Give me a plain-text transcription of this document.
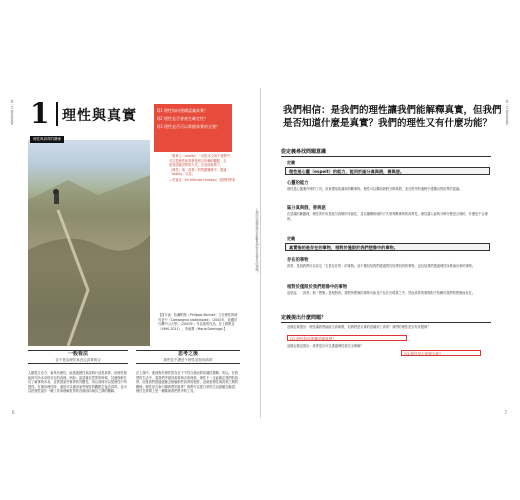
第一章 理性與真實
人類的知識理論如何影響我們對於真實性的理解？
1 理性與真實	Q1 理性如何建構認識真實？
Q2 理性是否會產生確定性？
Q3 理性是否可以掌握真實的全貌？
「事實上（reality）一詞在本文的不連貫中，
可以從理性和真實是相互依賴的觀點，去
達到認識世界的方式。在這個意義下，
（理性）與「真實」的對應關係中，透過
「reality」以及」
—史賓克（Sir Michael Faraday）英國科學家
理性與真實的關係
【西方表：哈爾帕特（Philippe Bernier）立在理性的研究室中（Campagnia statistiques）（2002年，收藏於台灣中山大學）（2002年）作為他的作品。在上路附近（1990-2011）。李淑慧（Marie Domingo）】
一般看法
並不是由理性來決定真實與否
思考之後
我們並不總是不理性認知到真實
人類從古至今，會具有理性，能透過理性來說明行爲是真實，但理性便能探究所本身的存在的真理。例如：當認識自然界的時候，其過程都在於了解事物本身，並實證某些事實的具體性，所以真理可以從理性中所獲得。在運用理性時，還是可以運用某些理性的觀點去接近真實，也可以把理性當作一種工具來理解世界的各個面向與其之間的關聯。
在上課中，進而對於理性的存在下不符合進而的常識性推斷，所以，在我們的生活中，當我們考慮到真實與否的時候，理性不一定能確定我們的真實，而是我們透過經驗去檢驗那些真實的程度，這就是理性與真實之間的關係。理性是否會引導我們到真實？我們可以從日常的生活經驗去驗證，理性在實際上是一種幫助我們思考的工具。
6
第一章 理性與真實
我們相信：是我們的理性讓我們能解釋真實，但我們是否知道什麼是真實？我們的理性又有什麼功能？
從定義尋找問題意識
定義
理性是心靈（espeit）的能力，能用於區分真與假，善與惡。
心靈的能力
理性是心靈運作時的工具，用來獲取知識和判斷事物。理性可以幫助我們分辨真假，並在思考的過程中建構出對世界的認識。
區分真與假，善與惡
在認識的範圍裡，理性的作用是區分真假的可能性，並以邏輯推理的方式來判斷事物的真實性。理性讓人能夠分辨什麼是合理的，什麼是不合理的。
定義
真實指的是存在的事物，相對於僅限於我們想像中的事物。
存在的事物
真實，是指我們可以肯定「它是存在的」的事物。這不僅包括我們透過感官所感知到的事物，也包括我們透過理性所推論出來的事物。
相對於僅限於我們想像中的事物
這是說，「真實」與「想像」是相對的。我們所想像的事物可能並不存在於現實之中，然而真實的事物則不依賴於我們的想像而存在。
定義提出什麼問題？
這個定義提出：理性讓我們能區分真與假，但我們是否真的認識到了真實？我們的理性是否有其限制？
Q1 理性如何建構認識真實？
這個定義也提出：真實是否可以透過理性被完全理解？
Q3 理性是否掌握全貌？
7
